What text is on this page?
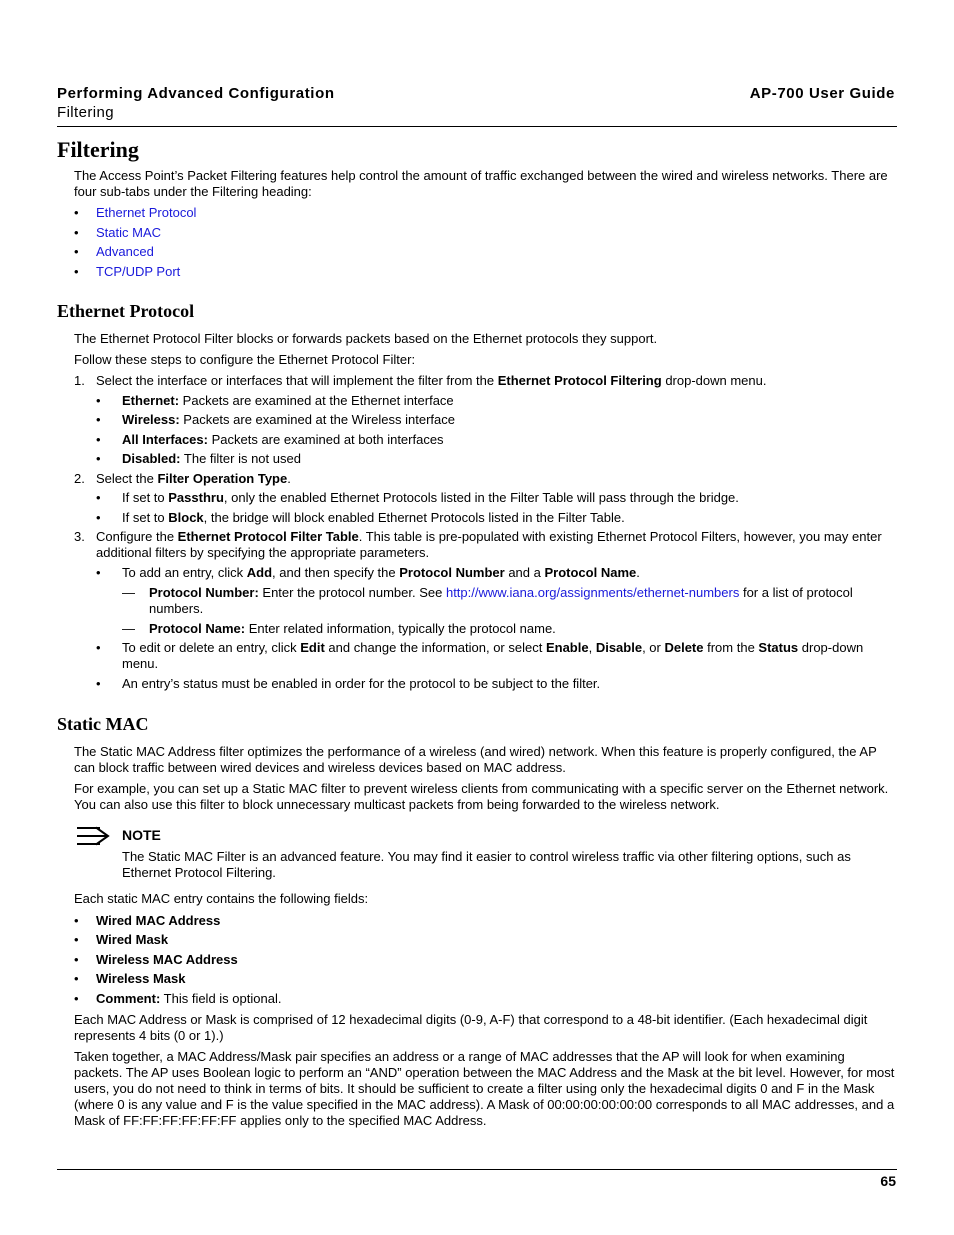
Performing Advanced Configuration	AP-700 User Guide
Filtering
Filtering
The Access Point’s Packet Filtering features help control the amount of traffic exchanged between the wired and wireless networks. There are four sub-tabs under the Filtering heading:
• Ethernet Protocol
• Static MAC
• Advanced
• TCP/UDP Port
Ethernet Protocol
The Ethernet Protocol Filter blocks or forwards packets based on the Ethernet protocols they support.
Follow these steps to configure the Ethernet Protocol Filter:
1. Select the interface or interfaces that will implement the filter from the Ethernet Protocol Filtering drop-down menu.
• Ethernet: Packets are examined at the Ethernet interface
• Wireless: Packets are examined at the Wireless interface
• All Interfaces: Packets are examined at both interfaces
• Disabled: The filter is not used
2. Select the Filter Operation Type.
• If set to Passthru, only the enabled Ethernet Protocols listed in the Filter Table will pass through the bridge.
• If set to Block, the bridge will block enabled Ethernet Protocols listed in the Filter Table.
3. Configure the Ethernet Protocol Filter Table. This table is pre-populated with existing Ethernet Protocol Filters, however, you may enter additional filters by specifying the appropriate parameters.
• To add an entry, click Add, and then specify the Protocol Number and a Protocol Name.
— Protocol Number: Enter the protocol number. See http://www.iana.org/assignments/ethernet-numbers for a list of protocol numbers.
— Protocol Name: Enter related information, typically the protocol name.
• To edit or delete an entry, click Edit and change the information, or select Enable, Disable, or Delete from the Status drop-down menu.
• An entry’s status must be enabled in order for the protocol to be subject to the filter.
Static MAC
The Static MAC Address filter optimizes the performance of a wireless (and wired) network. When this feature is properly configured, the AP can block traffic between wired devices and wireless devices based on MAC address.
For example, you can set up a Static MAC filter to prevent wireless clients from communicating with a specific server on the Ethernet network. You can also use this filter to block unnecessary multicast packets from being forwarded to the wireless network.
NOTE
The Static MAC Filter is an advanced feature. You may find it easier to control wireless traffic via other filtering options, such as Ethernet Protocol Filtering.
Each static MAC entry contains the following fields:
• Wired MAC Address
• Wired Mask
• Wireless MAC Address
• Wireless Mask
• Comment: This field is optional.
Each MAC Address or Mask is comprised of 12 hexadecimal digits (0-9, A-F) that correspond to a 48-bit identifier. (Each hexadecimal digit represents 4 bits (0 or 1).)
Taken together, a MAC Address/Mask pair specifies an address or a range of MAC addresses that the AP will look for when examining packets. The AP uses Boolean logic to perform an “AND” operation between the MAC Address and the Mask at the bit level. However, for most users, you do not need to think in terms of bits. It should be sufficient to create a filter using only the hexadecimal digits 0 and F in the Mask (where 0 is any value and F is the value specified in the MAC address). A Mask of 00:00:00:00:00:00 corresponds to all MAC addresses, and a Mask of FF:FF:FF:FF:FF:FF applies only to the specified MAC Address.
65
